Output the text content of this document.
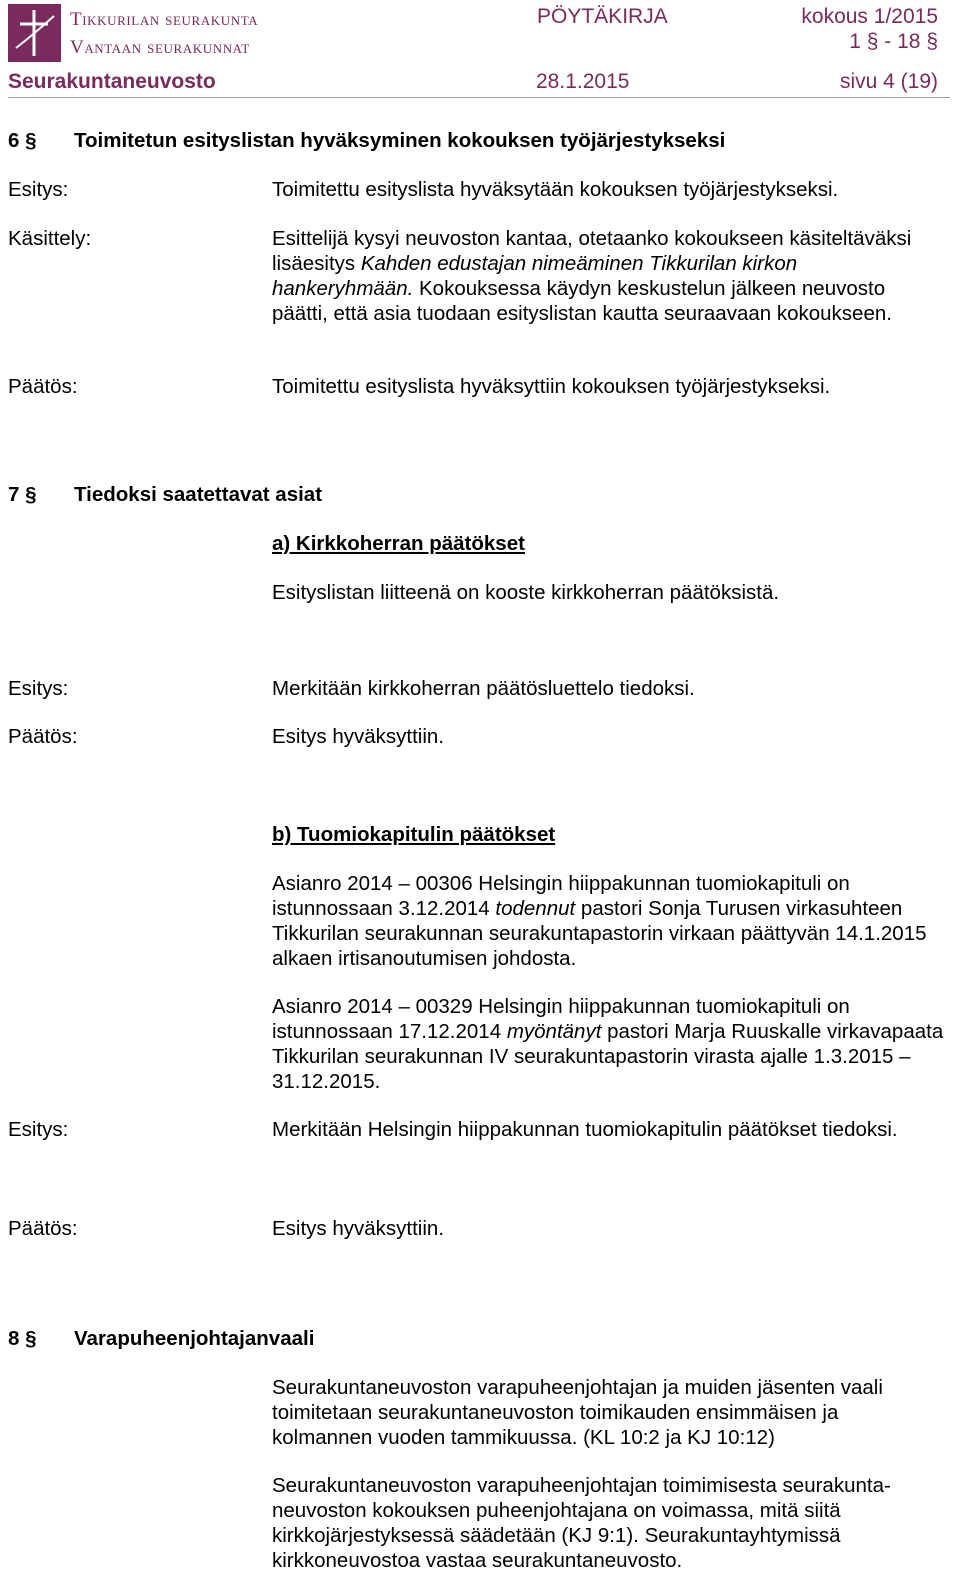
Tikkurilan seurakunta
Vantaan seurakunnat
PÖYTÄKIRJA	kokous 1/2015
1 § - 18 §
Seurakuntaneuvosto	28.1.2015	sivu 4 (19)
6 § Toimitetun esityslistan hyväksyminen kokouksen työjärjestykseksi
Esitys:	Toimitettu esityslista hyväksytään kokouksen työjärjestykseksi.
Käsittely:	Esittelijä kysyi neuvoston kantaa, otetaanko kokoukseen käsiteltäväksi lisäesitys Kahden edustajan nimeäminen Tikkurilan kirkon hankeryhmään. Kokouksessa käydyn keskustelun jälkeen neuvosto päätti, että asia tuodaan esityslistan kautta seuraavaan kokoukseen.
Päätös:	Toimitettu esityslista hyväksyttiin kokouksen työjärjestykseksi.
7 § Tiedoksi saatettavat asiat
a) Kirkkoherran päätökset
Esityslistan liitteenä on kooste kirkkoherran päätöksistä.
Esitys:	Merkitään kirkkoherran päätösluettelo tiedoksi.
Päätös:	Esitys hyväksyttiin.
b) Tuomiokapitulin päätökset
Asianro 2014 – 00306 Helsingin hiippakunnan tuomiokapituli on istunnossaan 3.12.2014 todennut pastori Sonja Turusen virkasuhteen Tikkurilan seurakunnan seurakuntapastorin virkaan päättyvän 14.1.2015 alkaen irtisanoutumisen johdosta.
Asianro 2014 – 00329 Helsingin hiippakunnan tuomiokapituli on istunnossaan 17.12.2014 myöntänyt pastori Marja Ruuskalle virkavapaata Tikkurilan seurakunnan IV seurakuntapastorin virasta ajalle 1.3.2015 – 31.12.2015.
Esitys:	Merkitään Helsingin hiippakunnan tuomiokapitulin päätökset tiedoksi.
Päätös:	Esitys hyväksyttiin.
8 § Varapuheenjohtajanvaali
Seurakuntaneuvoston varapuheenjohtajan ja muiden jäsenten vaali toimitetaan seurakuntaneuvoston toimikauden ensimmäisen ja kolmannen vuoden tammikuussa. (KL 10:2 ja KJ 10:12)
Seurakuntaneuvoston varapuheenjohtajan toimimisesta seurakunta-
neuvoston kokouksen puheenjohtajana on voimassa, mitä siitä kirkkojärjestyksessä säädetään (KJ 9:1). Seurakuntayhtymissä kirkkoneuvostoa vastaa seurakuntaneuvosto.
